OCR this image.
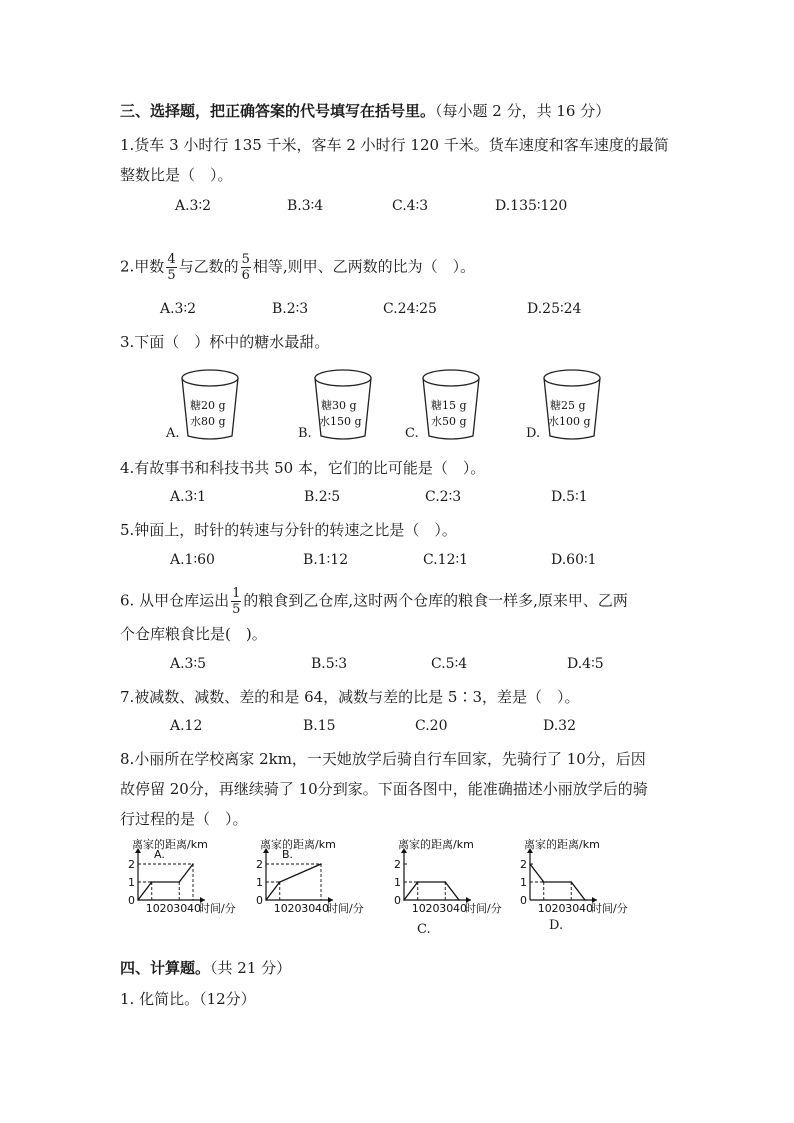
三、选择题，把正确答案的代号填写在括号里。（每小题 2 分，共 16 分）
1.货车 3 小时行 135 千米，客车 2 小时行 120 千米。货车速度和客车速度的最简
整数比是（　）。
A.3∶2	B.3∶4	C.4∶3	D.135∶120
2.甲数 $\frac{4}{5}$ 与乙数的 $\frac{5}{6}$ 相等,则甲、乙两数的比为（　）。
A.3∶2	B.2∶3	C.24∶25	D.25∶24
3.下面（　）杯中的糖水最甜。
A.
糖20 g
水80 g
B.
糖30 g
水150 g
C.
糖15 g
水50 g
D.
糖25 g
水100 g
4.有故事书和科技书共 50 本，它们的比可能是（　）。
A.3∶1	B.2∶5	C.2∶3	D.5∶1
5.钟面上，时针的转速与分针的转速之比是（　）。
A.1∶60	B.1∶12	C.12∶1	D.60∶1
6. 从甲仓库运出 $\frac{1}{5}$ 的粮食到乙仓库,这时两个仓库的粮食一样多,原来甲、乙两
个仓库粮食比是(　)。
A.3∶5	B.5∶3	C.5∶4	D.4∶5
7.被减数、减数、差的和是 64，减数与差的比是 5∶3，差是（　）。
A.12	B.15	C.20	D.32
8.小丽所在学校离家 2km，一天她放学后骑自行车回家，先骑行了 10分，后因
故停留 20分，再继续骑了 10分到家。下面各图中，能准确描述小丽放学后的骑
行过程的是（　）。
离家的距离/km
A.
0
1
2
10 20 30 40
时间/分
离家的距离/km
B.
0
1
2
10 20 30 40
时间/分
离家的距离/km
0
1
2
10 20 30 40
时间/分
离家的距离/km
0
1
2
10 20 30 40
时间/分
C.	D.
四、计算题。（共 21 分）
1. 化简比。（12分）
